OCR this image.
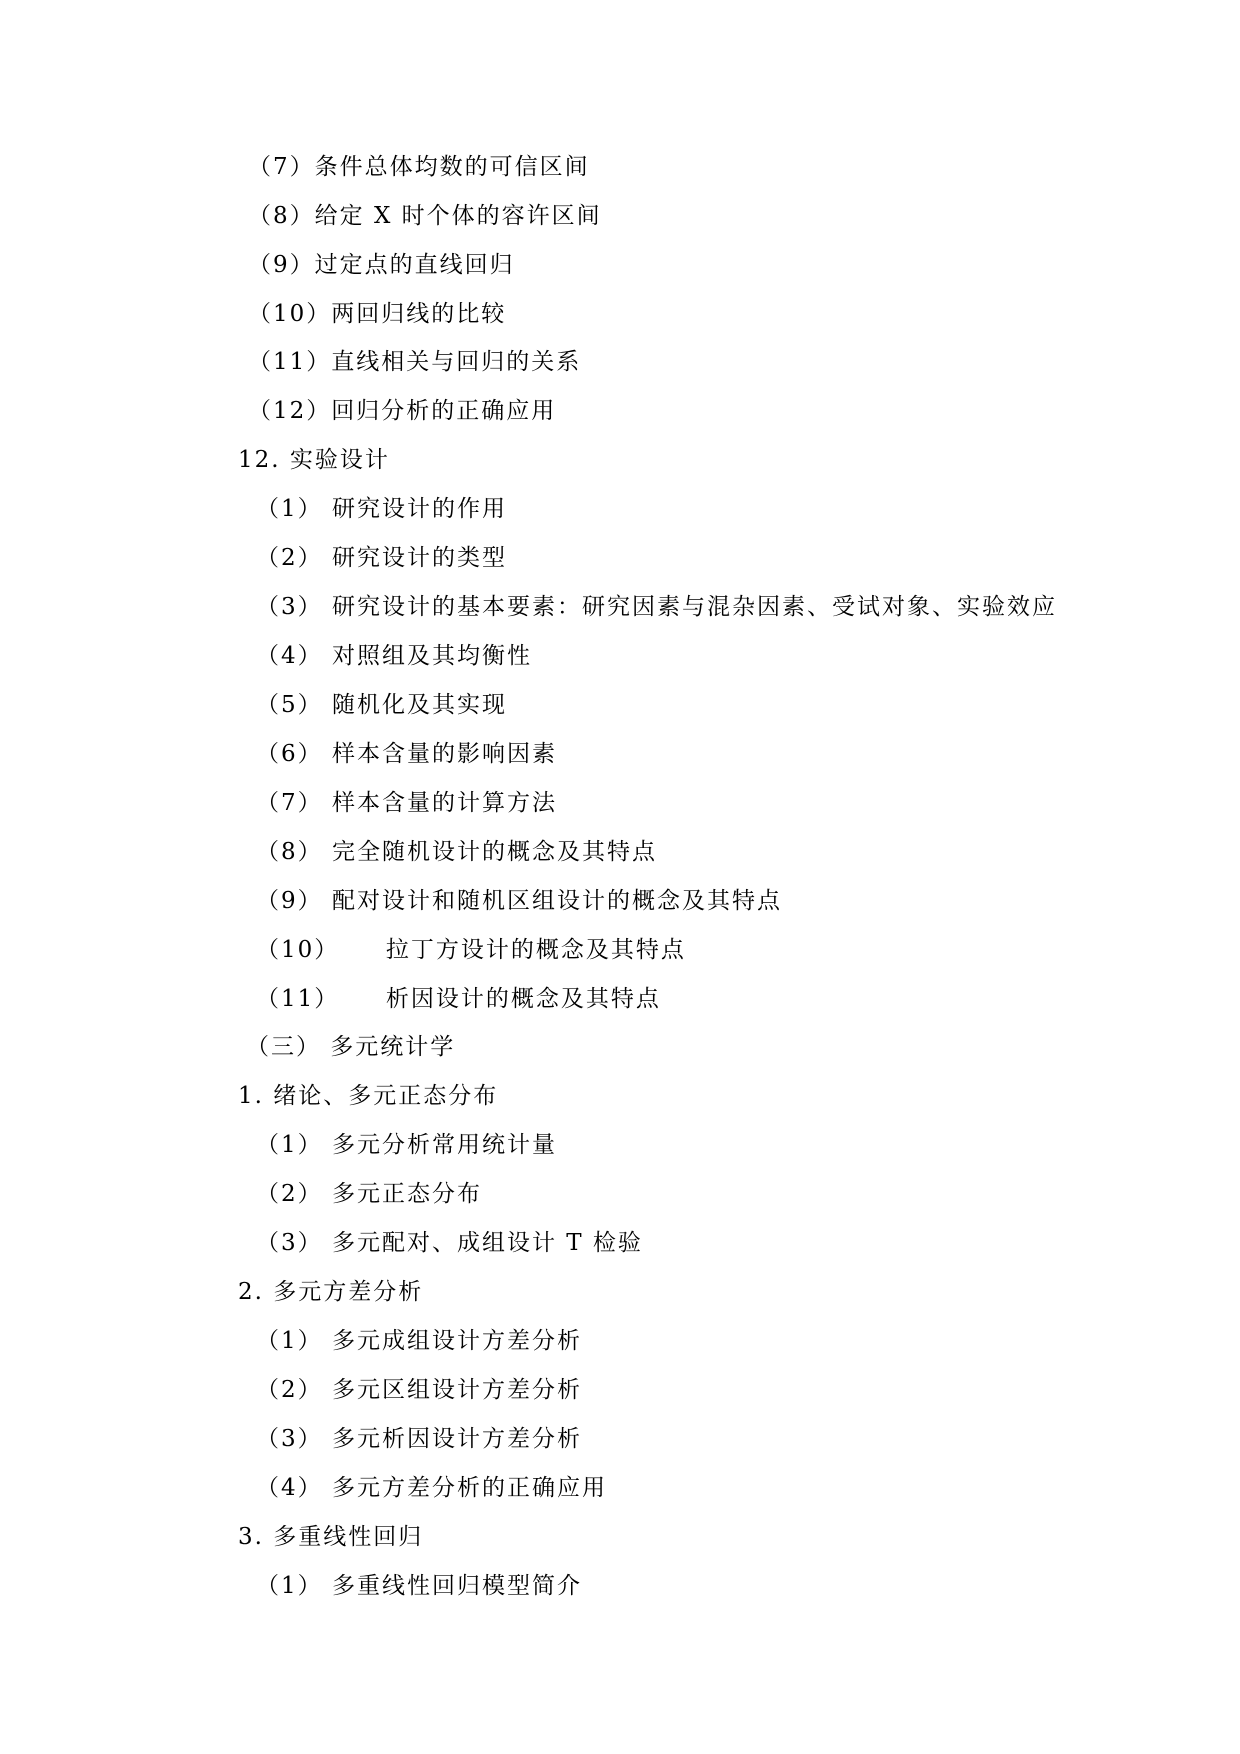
（7）条件总体均数的可信区间
（8）给定 X 时个体的容许区间
（9）过定点的直线回归
（10）两回归线的比较
（11）直线相关与回归的关系
（12）回归分析的正确应用
12. 实验设计
（1） 研究设计的作用
（2） 研究设计的类型
（3） 研究设计的基本要素：研究因素与混杂因素、受试对象、实验效应
（4） 对照组及其均衡性
（5） 随机化及其实现
（6） 样本含量的影响因素
（7） 样本含量的计算方法
（8） 完全随机设计的概念及其特点
（9） 配对设计和随机区组设计的概念及其特点
（10）     拉丁方设计的概念及其特点
（11）     析因设计的概念及其特点
（三） 多元统计学
1. 绪论、多元正态分布
（1） 多元分析常用统计量
（2） 多元正态分布
（3） 多元配对、成组设计 T 检验
2. 多元方差分析
（1） 多元成组设计方差分析
（2） 多元区组设计方差分析
（3） 多元析因设计方差分析
（4） 多元方差分析的正确应用
3. 多重线性回归
（1） 多重线性回归模型简介
